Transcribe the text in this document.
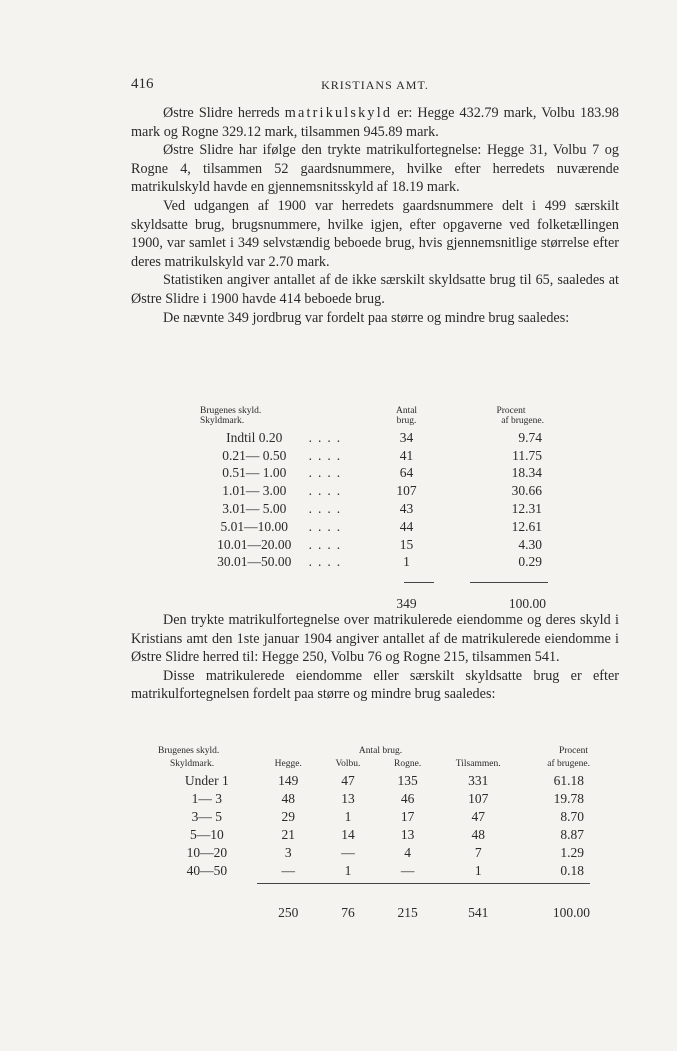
416	KRISTIANS AMT.

Østre Slidre herreds matrikulskyld er: Hegge 432.79 mark, Volbu 183.98 mark og Rogne 329.12 mark, tilsammen 945.89 mark.

Østre Slidre har ifølge den trykte matrikulfortegnelse: Hegge 31, Volbu 7 og Rogne 4, tilsammen 52 gaardsnummere, hvilke efter herredets nuværende matrikulskyld havde en gjennemsnitsskyld af 18.19 mark.

Ved udgangen af 1900 var herredets gaardsnummere delt i 499 særskilt skyldsatte brug, brugsnummere, hvilke igjen, efter opgaverne ved folketællingen 1900, var samlet i 349 selvstændig beboede brug, hvis gjennemsnitlige størrelse efter deres matrikulskyld var 2.70 mark.

Statistiken angiver antallet af de ikke særskilt skyldsatte brug til 65, saaledes at Østre Slidre i 1900 havde 414 beboede brug.

De nævnte 349 jordbrug var fordelt paa større og mindre brug saaledes:

Brugenes skyld.
Skyldmark.		Antal
brug.	Procent
af brugene.
Indtil 0.20	....	34	9.74
0.21— 0.50	....	41	11.75
0.51— 1.00	....	64	18.34
1.01— 3.00	....	107	30.66
3.01— 5.00	....	43	12.31
5.01—10.00	....	44	12.61
10.01—20.00	....	15	4.30
30.01—50.00	....	1	0.29

		349	100.00

Den trykte matrikulfortegnelse over matrikulerede eiendomme og deres skyld i Kristians amt den 1ste januar 1904 angiver antallet af de matrikulerede eiendomme i Østre Slidre herred til: Hegge 250, Volbu 76 og Rogne 215, tilsammen 541.

Disse matrikulerede eiendomme eller særskilt skyldsatte brug er efter matrikulfortegnelsen fordelt paa større og mindre brug saaledes:

Brugenes skyld.		Antal brug.			Procent
Skyldmark.	Hegge.	Volbu.	Rogne.	Tilsammen.	af brugene.
Under 1	149	47	135	331	61.18
1— 3	48	13	46	107	19.78
3— 5	29	1	17	47	8.70
5—10	21	14	13	48	8.87
10—20	3	—	4	7	1.29
40—50	—	1	—	1	0.18

	250	76	215	541	100.00
